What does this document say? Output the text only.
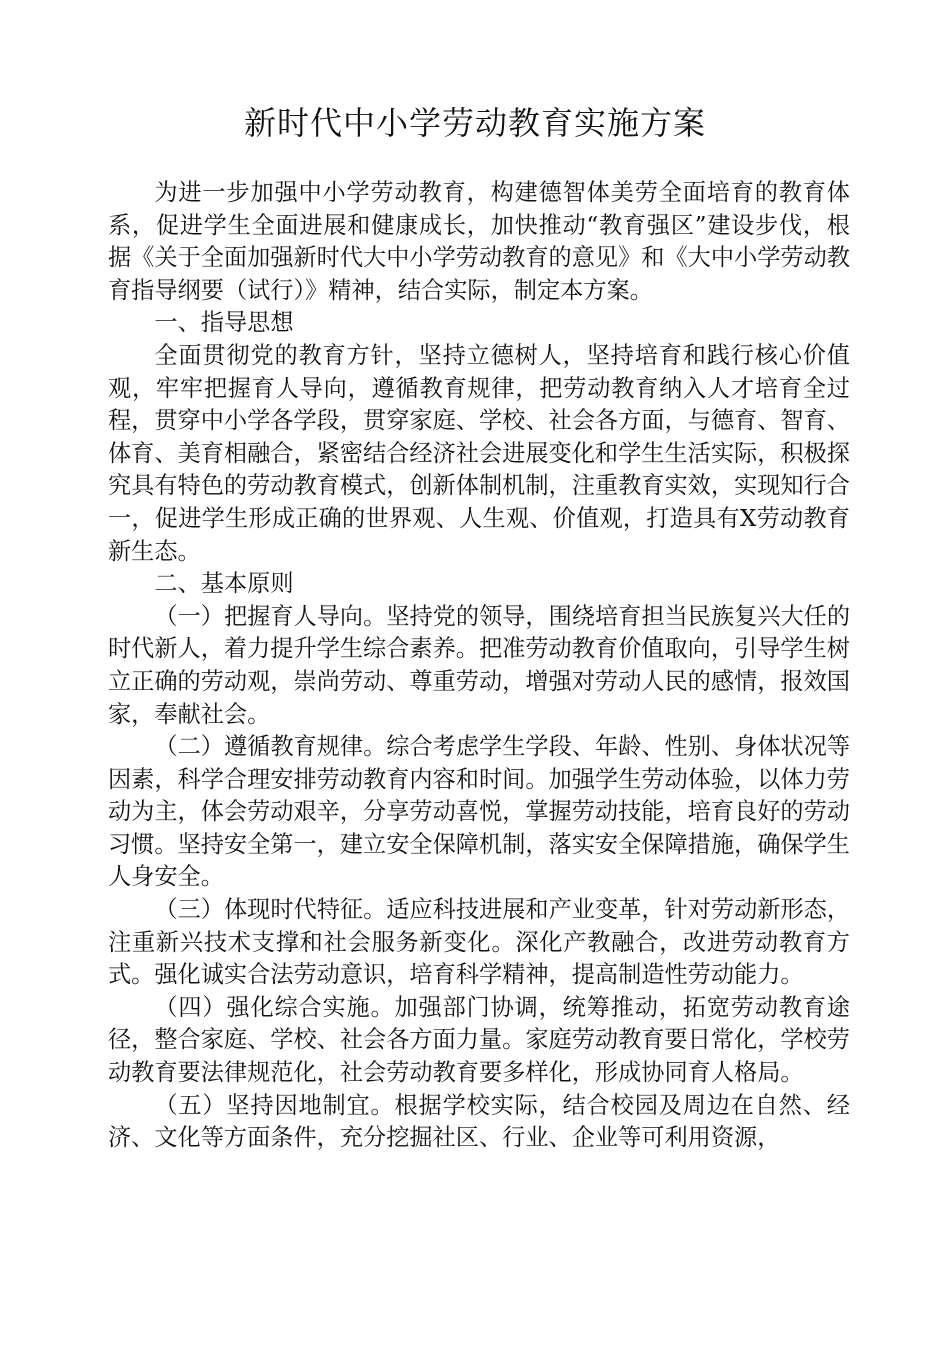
新时代中小学劳动教育实施方案

为进一步加强中小学劳动教育，构建德智体美劳全面培育的教育体系，促进学生全面进展和健康成长，加快推动“教育强区”建设步伐，根据《关于全面加强新时代大中小学劳动教育的意见》和《大中小学劳动教育指导纲要（试行）》精神，结合实际，制定本方案。

一、指导思想

全面贯彻党的教育方针，坚持立德树人，坚持培育和践行核心价值观，牢牢把握育人导向，遵循教育规律，把劳动教育纳入人才培育全过程，贯穿中小学各学段，贯穿家庭、学校、社会各方面，与德育、智育、体育、美育相融合，紧密结合经济社会进展变化和学生生活实际，积极探究具有特色的劳动教育模式，创新体制机制，注重教育实效，实现知行合一，促进学生形成正确的世界观、人生观、价值观，打造具有X劳动教育新生态。

二、基本原则

（一）把握育人导向。坚持党的领导，围绕培育担当民族复兴大任的时代新人，着力提升学生综合素养。把准劳动教育价值取向，引导学生树立正确的劳动观，崇尚劳动、尊重劳动，增强对劳动人民的感情，报效国家，奉献社会。

（二）遵循教育规律。综合考虑学生学段、年龄、性别、身体状况等因素，科学合理安排劳动教育内容和时间。加强学生劳动体验，以体力劳动为主，体会劳动艰辛，分享劳动喜悦，掌握劳动技能，培育良好的劳动习惯。坚持安全第一，建立安全保障机制，落实安全保障措施，确保学生人身安全。

（三）体现时代特征。适应科技进展和产业变革，针对劳动新形态，注重新兴技术支撑和社会服务新变化。深化产教融合，改进劳动教育方式。强化诚实合法劳动意识，培育科学精神，提高制造性劳动能力。

（四）强化综合实施。加强部门协调，统筹推动，拓宽劳动教育途径，整合家庭、学校、社会各方面力量。家庭劳动教育要日常化，学校劳动教育要法律规范化，社会劳动教育要多样化，形成协同育人格局。

（五）坚持因地制宜。根据学校实际，结合校园及周边在自然、经济、文化等方面条件，充分挖掘社区、行业、企业等可利用资源，
